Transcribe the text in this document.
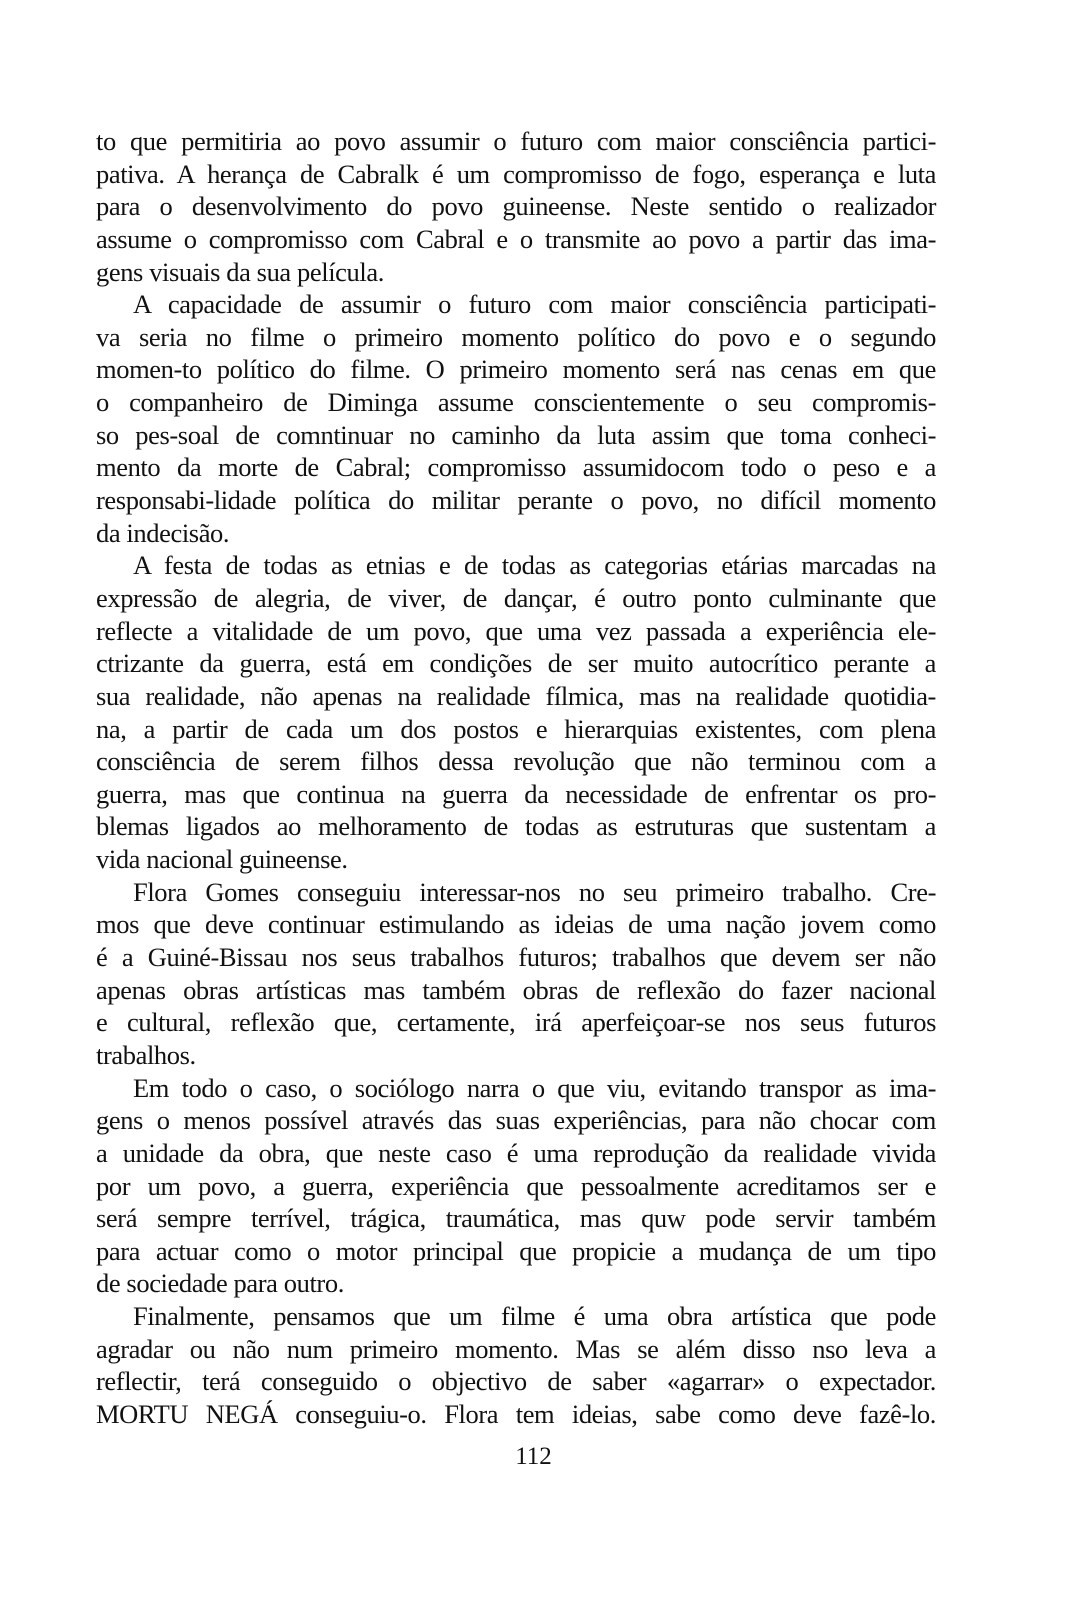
to que permitiria ao povo assumir o futuro com maior consciência partici-
pativa. A herança de Cabralk é um compromisso de fogo, esperança e luta
para o desenvolvimento do povo guineense. Neste sentido o realizador
assume o compromisso com Cabral e o transmite ao povo a partir das ima-
gens visuais da sua película.
A capacidade de assumir o futuro com maior consciência participati-
va seria no filme o primeiro momento político do povo e o segundo
momen-to político do filme. O primeiro momento será nas cenas em que
o companheiro de Diminga assume conscientemente o seu compromis-
so pes-soal de comntinuar no caminho da luta assim que toma conheci-
mento da morte de Cabral; compromisso assumidocom todo o peso e a
responsabi-lidade política do militar perante o povo, no difícil momento
da indecisão.
A festa de todas as etnias e de todas as categorias etárias marcadas na
expressão de alegria, de viver, de dançar, é outro ponto culminante que
reflecte a vitalidade de um povo, que uma vez passada a experiência ele-
ctrizante da guerra, está em condições de ser muito autocrítico perante a
sua realidade, não apenas na realidade fílmica, mas na realidade quotidia-
na, a partir de cada um dos postos e hierarquias existentes, com plena
consciência de serem filhos dessa revolução que não terminou com a
guerra, mas que continua na guerra da necessidade de enfrentar os pro-
blemas ligados ao melhoramento de todas as estruturas que sustentam a
vida nacional guineense.
Flora Gomes conseguiu interessar-nos no seu primeiro trabalho. Cre-
mos que deve continuar estimulando as ideias de uma nação jovem como
é a Guiné-Bissau nos seus trabalhos futuros; trabalhos que devem ser não
apenas obras artísticas mas também obras de reflexão do fazer nacional
e cultural, reflexão que, certamente, irá aperfeiçoar-se nos seus futuros
trabalhos.
Em todo o caso, o sociólogo narra o que viu, evitando transpor as ima-
gens o menos possível através das suas experiências, para não chocar com
a unidade da obra, que neste caso é uma reprodução da realidade vivida
por um povo, a guerra, experiência que pessoalmente acreditamos ser e
será sempre terrível, trágica, traumática, mas quw pode servir também
para actuar como o motor principal que propicie a mudança de um tipo
de sociedade para outro.
Finalmente, pensamos que um filme é uma obra artística que pode
agradar ou não num primeiro momento. Mas se além disso nso leva a
reflectir, terá conseguido o objectivo de saber «agarrar» o expectador.
MORTU NEGÁ conseguiu-o. Flora tem ideias, sabe como deve fazê-lo.
112
